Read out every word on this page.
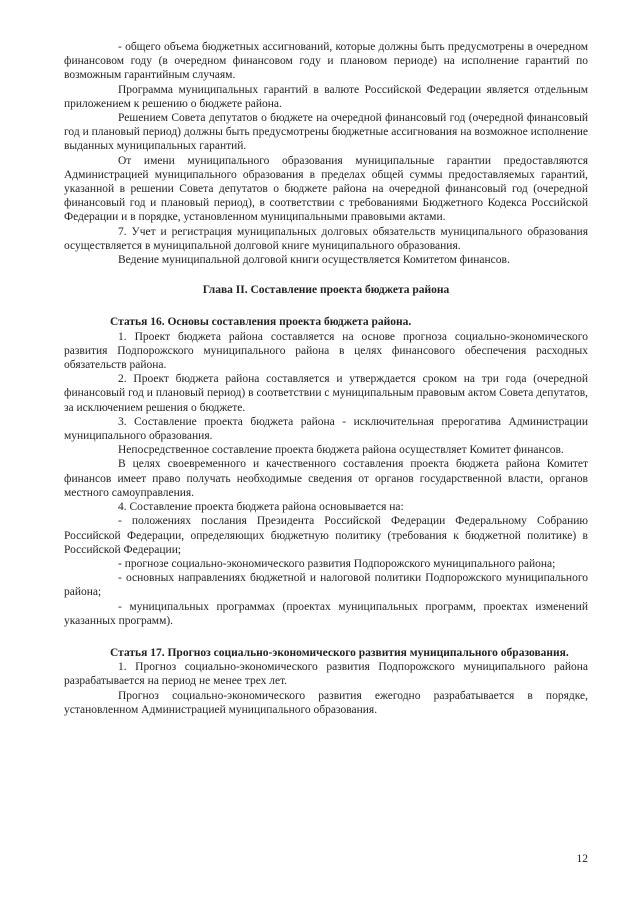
- общего объема бюджетных ассигнований, которые должны быть предусмотрены в очередном финансовом году (в очередном финансовом году и плановом периоде) на исполнение гарантий по возможным гарантийным случаям.

Программа муниципальных гарантий в валюте Российской Федерации является отдельным приложением к решению о бюджете района.

Решением Совета депутатов о бюджете на очередной финансовый год (очередной финансовый год и плановый период) должны быть предусмотрены бюджетные ассигнования на возможное исполнение выданных муниципальных гарантий.

От имени муниципального образования муниципальные гарантии предоставляются Администрацией муниципального образования в пределах общей суммы предоставляемых гарантий, указанной в решении Совета депутатов о бюджете района на очередной финансовый год (очередной финансовый год и плановый период), в соответствии с требованиями Бюджетного Кодекса Российской Федерации и в порядке, установленном муниципальными правовыми актами.

7. Учет и регистрация муниципальных долговых обязательств муниципального образования осуществляется в муниципальной долговой книге муниципального образования.

Ведение муниципальной долговой книги осуществляется Комитетом финансов.

Глава II. Составление проекта бюджета района

Статья 16. Основы составления проекта бюджета района.

1. Проект бюджета района составляется на основе прогноза социально-экономического развития Подпорожского муниципального района в целях финансового обеспечения расходных обязательств района.

2. Проект бюджета района составляется и утверждается сроком на три года (очередной финансовый год и плановый период) в соответствии с муниципальным правовым актом Совета депутатов, за исключением решения о бюджете.

3. Составление проекта бюджета района - исключительная прерогатива Администрации муниципального образования.

Непосредственное составление проекта бюджета района осуществляет Комитет финансов.

В целях своевременного и качественного составления проекта бюджета района Комитет финансов имеет право получать необходимые сведения от органов государственной власти, органов местного самоуправления.

4. Составление проекта бюджета района основывается на:

- положениях послания Президента Российской Федерации Федеральному Собранию Российской Федерации, определяющих бюджетную политику (требования к бюджетной политике) в Российской Федерации;

- прогнозе социально-экономического развития Подпорожского муниципального района;

- основных направлениях бюджетной и налоговой политики Подпорожского муниципального района;

- муниципальных программах (проектах муниципальных программ, проектах изменений указанных программ).

Статья 17. Прогноз социально-экономического развития муниципального образования.

1. Прогноз социально-экономического развития Подпорожского муниципального района разрабатывается на период не менее трех лет.

Прогноз социально-экономического развития ежегодно разрабатывается в порядке, установленном Администрацией муниципального образования.

12
